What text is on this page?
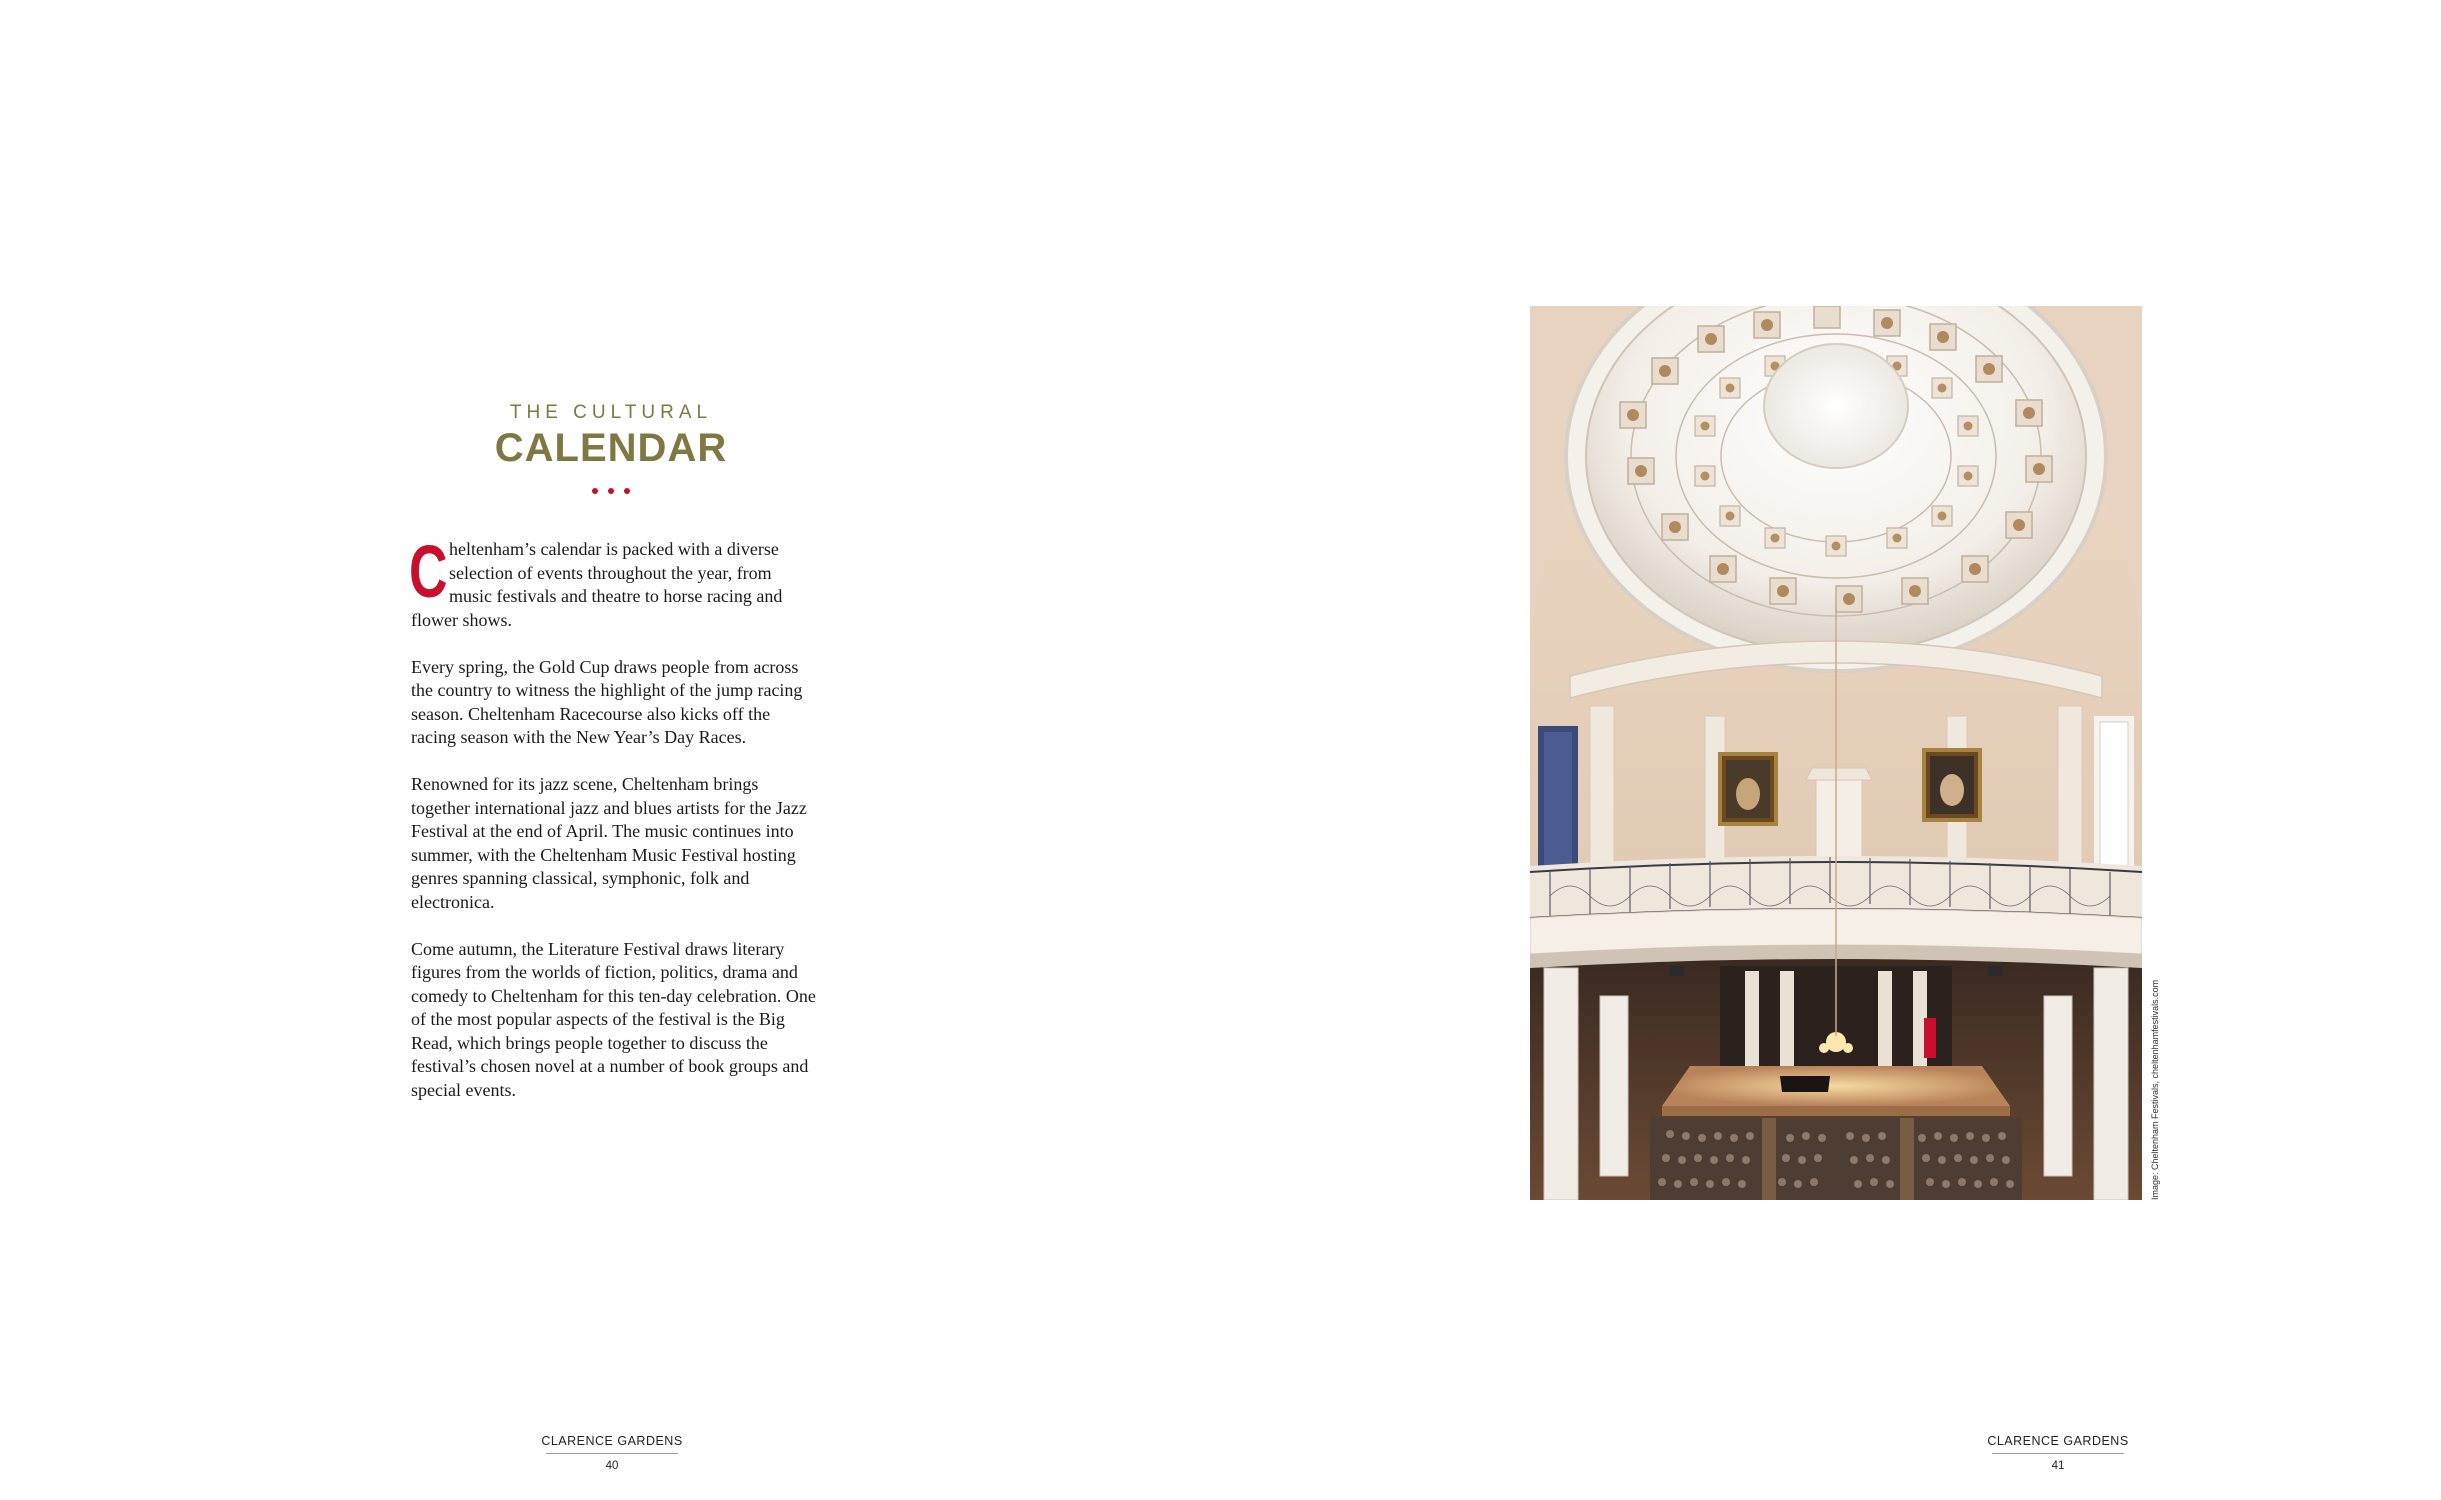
THE CULTURAL
CALENDAR

Cheltenham’s calendar is packed with a diverse selection of events throughout the year, from music festivals and theatre to horse racing and flower shows.

Every spring, the Gold Cup draws people from across the country to witness the highlight of the jump racing season. Cheltenham Racecourse also kicks off the racing season with the New Year’s Day Races.

Renowned for its jazz scene, Cheltenham brings together international jazz and blues artists for the Jazz Festival at the end of April. The music continues into summer, with the Cheltenham Music Festival hosting genres spanning classical, symphonic, folk and electronica.

Come autumn, the Literature Festival draws literary figures from the worlds of fiction, politics, drama and comedy to Cheltenham for this ten-day celebration. One of the most popular aspects of the festival is the Big Read, which brings people together to discuss the festival’s chosen novel at a number of book groups and special events.

CLARENCE GARDENS
40
Image: Cheltenham Festivals, cheltenhamfestivals.com
CLARENCE GARDENS
41
